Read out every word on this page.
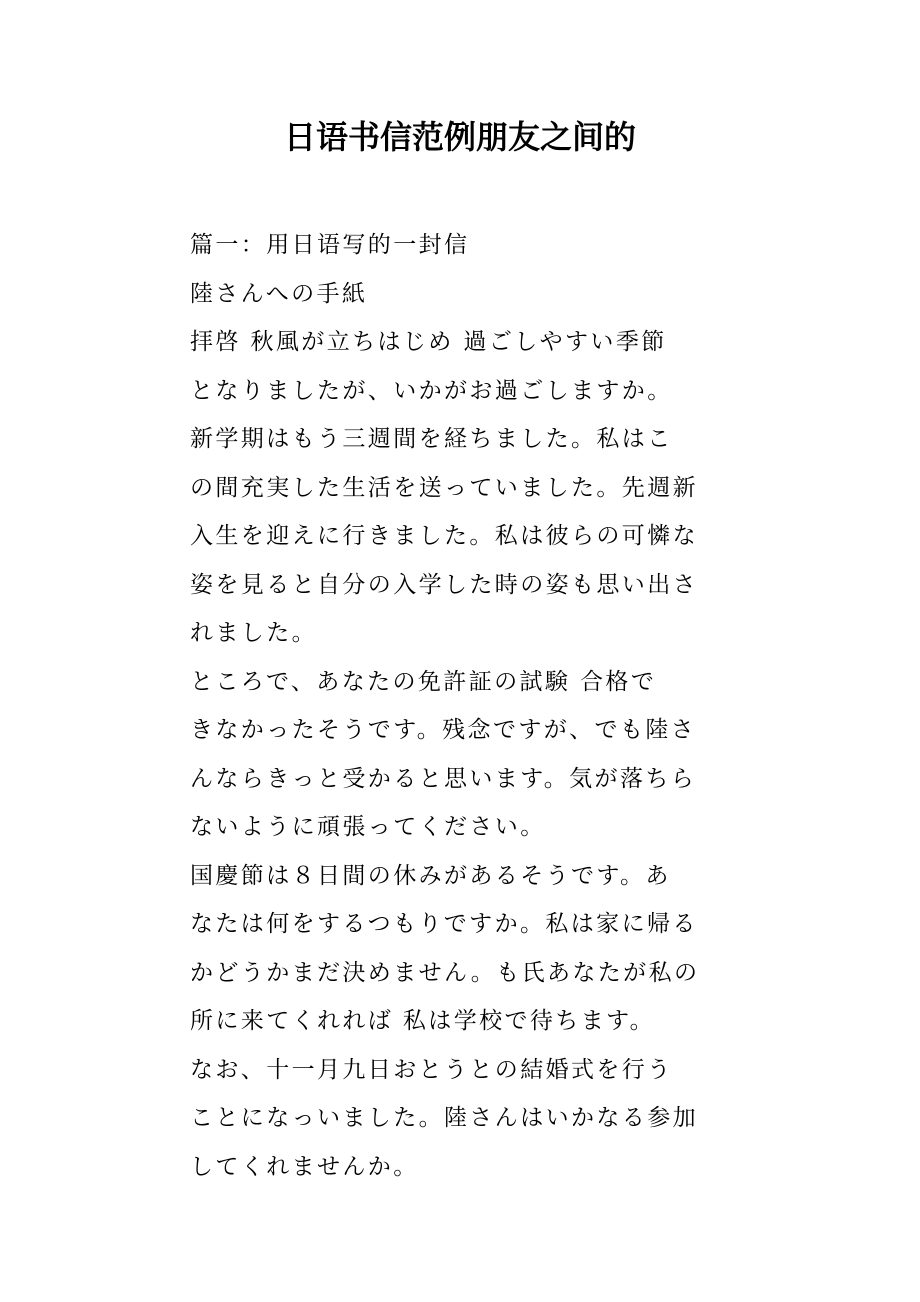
日语书信范例朋友之间的
篇一：用日语写的一封信
陸さんへの手紙
拝啓 秋風が立ちはじめ 過ごしやすい季節
となりましたが、いかがお過ごしますか。
新学期はもう三週間を経ちました。私はこ
の間充実した生活を送っていました。先週新
入生を迎えに行きました。私は彼らの可憐な
姿を見ると自分の入学した時の姿も思い出さ
れました。
ところで、あなたの免許証の試験 合格で
きなかったそうです。残念ですが、でも陸さ
んならきっと受かると思います。気が落ちら
ないように頑張ってください。
国慶節は８日間の休みがあるそうです。あ
なたは何をするつもりですか。私は家に帰る
かどうかまだ決めません。も氏あなたが私の
所に来てくれれば 私は学校で待ちます。
なお、十一月九日おとうとの結婚式を行う
ことになっいました。陸さんはいかなる参加
してくれませんか。
